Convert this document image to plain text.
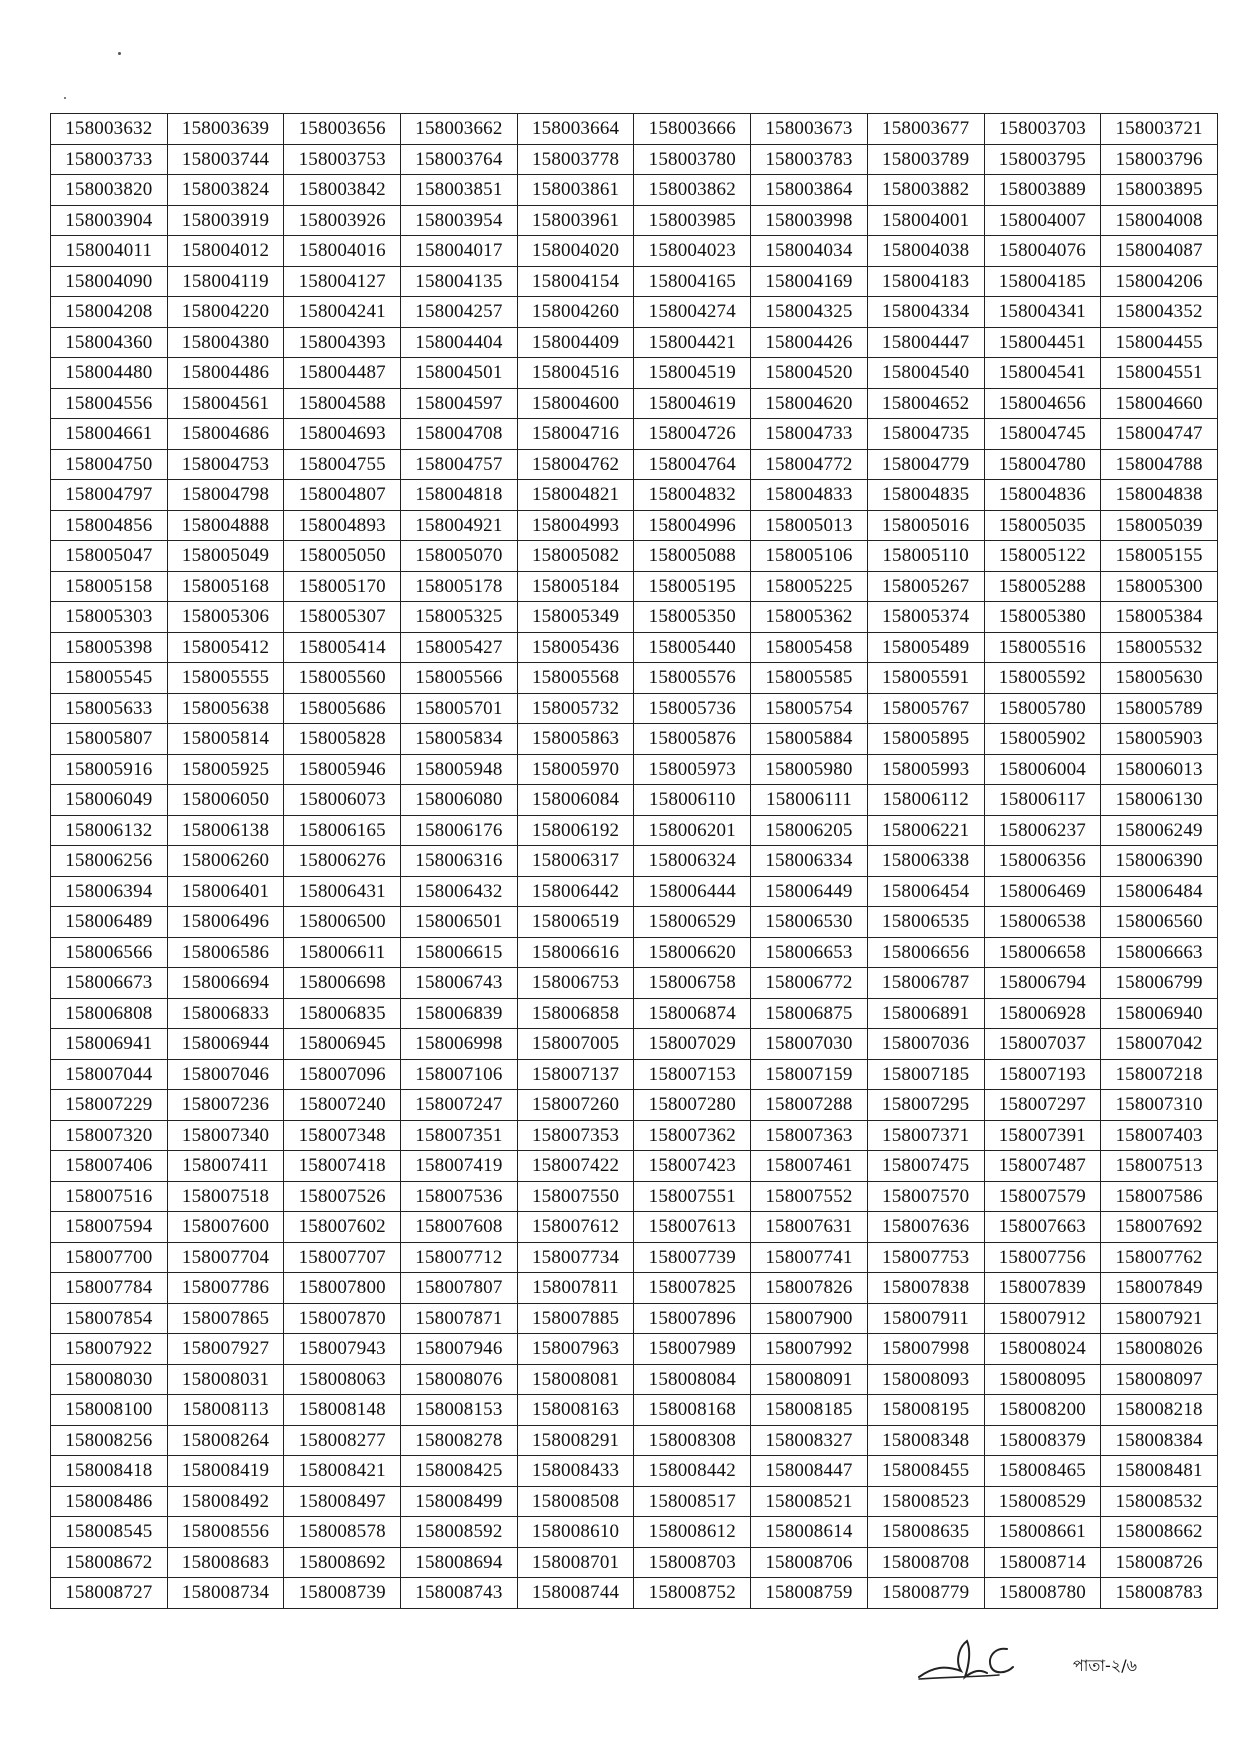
158003632	158003639	158003656	158003662	158003664	158003666	158003673	158003677	158003703	158003721
158003733	158003744	158003753	158003764	158003778	158003780	158003783	158003789	158003795	158003796
158003820	158003824	158003842	158003851	158003861	158003862	158003864	158003882	158003889	158003895
158003904	158003919	158003926	158003954	158003961	158003985	158003998	158004001	158004007	158004008
158004011	158004012	158004016	158004017	158004020	158004023	158004034	158004038	158004076	158004087
158004090	158004119	158004127	158004135	158004154	158004165	158004169	158004183	158004185	158004206
158004208	158004220	158004241	158004257	158004260	158004274	158004325	158004334	158004341	158004352
158004360	158004380	158004393	158004404	158004409	158004421	158004426	158004447	158004451	158004455
158004480	158004486	158004487	158004501	158004516	158004519	158004520	158004540	158004541	158004551
158004556	158004561	158004588	158004597	158004600	158004619	158004620	158004652	158004656	158004660
158004661	158004686	158004693	158004708	158004716	158004726	158004733	158004735	158004745	158004747
158004750	158004753	158004755	158004757	158004762	158004764	158004772	158004779	158004780	158004788
158004797	158004798	158004807	158004818	158004821	158004832	158004833	158004835	158004836	158004838
158004856	158004888	158004893	158004921	158004993	158004996	158005013	158005016	158005035	158005039
158005047	158005049	158005050	158005070	158005082	158005088	158005106	158005110	158005122	158005155
158005158	158005168	158005170	158005178	158005184	158005195	158005225	158005267	158005288	158005300
158005303	158005306	158005307	158005325	158005349	158005350	158005362	158005374	158005380	158005384
158005398	158005412	158005414	158005427	158005436	158005440	158005458	158005489	158005516	158005532
158005545	158005555	158005560	158005566	158005568	158005576	158005585	158005591	158005592	158005630
158005633	158005638	158005686	158005701	158005732	158005736	158005754	158005767	158005780	158005789
158005807	158005814	158005828	158005834	158005863	158005876	158005884	158005895	158005902	158005903
158005916	158005925	158005946	158005948	158005970	158005973	158005980	158005993	158006004	158006013
158006049	158006050	158006073	158006080	158006084	158006110	158006111	158006112	158006117	158006130
158006132	158006138	158006165	158006176	158006192	158006201	158006205	158006221	158006237	158006249
158006256	158006260	158006276	158006316	158006317	158006324	158006334	158006338	158006356	158006390
158006394	158006401	158006431	158006432	158006442	158006444	158006449	158006454	158006469	158006484
158006489	158006496	158006500	158006501	158006519	158006529	158006530	158006535	158006538	158006560
158006566	158006586	158006611	158006615	158006616	158006620	158006653	158006656	158006658	158006663
158006673	158006694	158006698	158006743	158006753	158006758	158006772	158006787	158006794	158006799
158006808	158006833	158006835	158006839	158006858	158006874	158006875	158006891	158006928	158006940
158006941	158006944	158006945	158006998	158007005	158007029	158007030	158007036	158007037	158007042
158007044	158007046	158007096	158007106	158007137	158007153	158007159	158007185	158007193	158007218
158007229	158007236	158007240	158007247	158007260	158007280	158007288	158007295	158007297	158007310
158007320	158007340	158007348	158007351	158007353	158007362	158007363	158007371	158007391	158007403
158007406	158007411	158007418	158007419	158007422	158007423	158007461	158007475	158007487	158007513
158007516	158007518	158007526	158007536	158007550	158007551	158007552	158007570	158007579	158007586
158007594	158007600	158007602	158007608	158007612	158007613	158007631	158007636	158007663	158007692
158007700	158007704	158007707	158007712	158007734	158007739	158007741	158007753	158007756	158007762
158007784	158007786	158007800	158007807	158007811	158007825	158007826	158007838	158007839	158007849
158007854	158007865	158007870	158007871	158007885	158007896	158007900	158007911	158007912	158007921
158007922	158007927	158007943	158007946	158007963	158007989	158007992	158007998	158008024	158008026
158008030	158008031	158008063	158008076	158008081	158008084	158008091	158008093	158008095	158008097
158008100	158008113	158008148	158008153	158008163	158008168	158008185	158008195	158008200	158008218
158008256	158008264	158008277	158008278	158008291	158008308	158008327	158008348	158008379	158008384
158008418	158008419	158008421	158008425	158008433	158008442	158008447	158008455	158008465	158008481
158008486	158008492	158008497	158008499	158008508	158008517	158008521	158008523	158008529	158008532
158008545	158008556	158008578	158008592	158008610	158008612	158008614	158008635	158008661	158008662
158008672	158008683	158008692	158008694	158008701	158008703	158008706	158008708	158008714	158008726
158008727	158008734	158008739	158008743	158008744	158008752	158008759	158008779	158008780	158008783
পাতা-২/৬
